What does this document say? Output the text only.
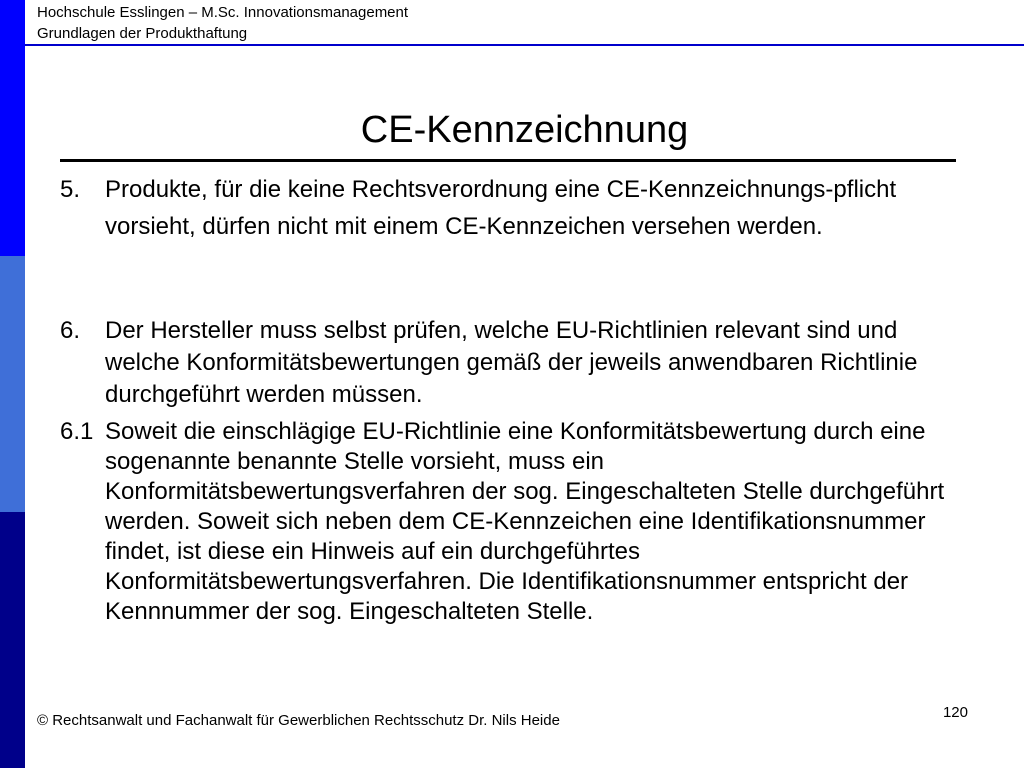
Hochschule Esslingen – M.Sc. Innovationsmanagement
Grundlagen der Produkthaftung
CE-Kennzeichnung
5. Produkte, für die keine Rechtsverordnung eine CE-Kennzeichnungs-pflicht vorsieht, dürfen nicht mit einem CE-Kennzeichen versehen werden.
6. Der Hersteller muss selbst prüfen, welche EU-Richtlinien relevant sind und welche Konformitätsbewertungen gemäß der jeweils anwendbaren Richtlinie durchgeführt werden müssen.
6.1 Soweit die einschlägige EU-Richtlinie eine Konformitätsbewertung durch eine sogenannte benannte Stelle vorsieht, muss ein Konformitätsbewertungsverfahren der sog. Eingeschalteten Stelle durchgeführt werden. Soweit sich neben dem CE-Kennzeichen eine Identifikationsnummer findet, ist diese ein Hinweis auf ein durchgeführtes Konformitätsbewertungsverfahren. Die Identifikationsnummer entspricht der Kennnummer der sog. Eingeschalteten Stelle.
© Rechtsanwalt und Fachanwalt für Gewerblichen Rechtsschutz Dr. Nils Heide	120
